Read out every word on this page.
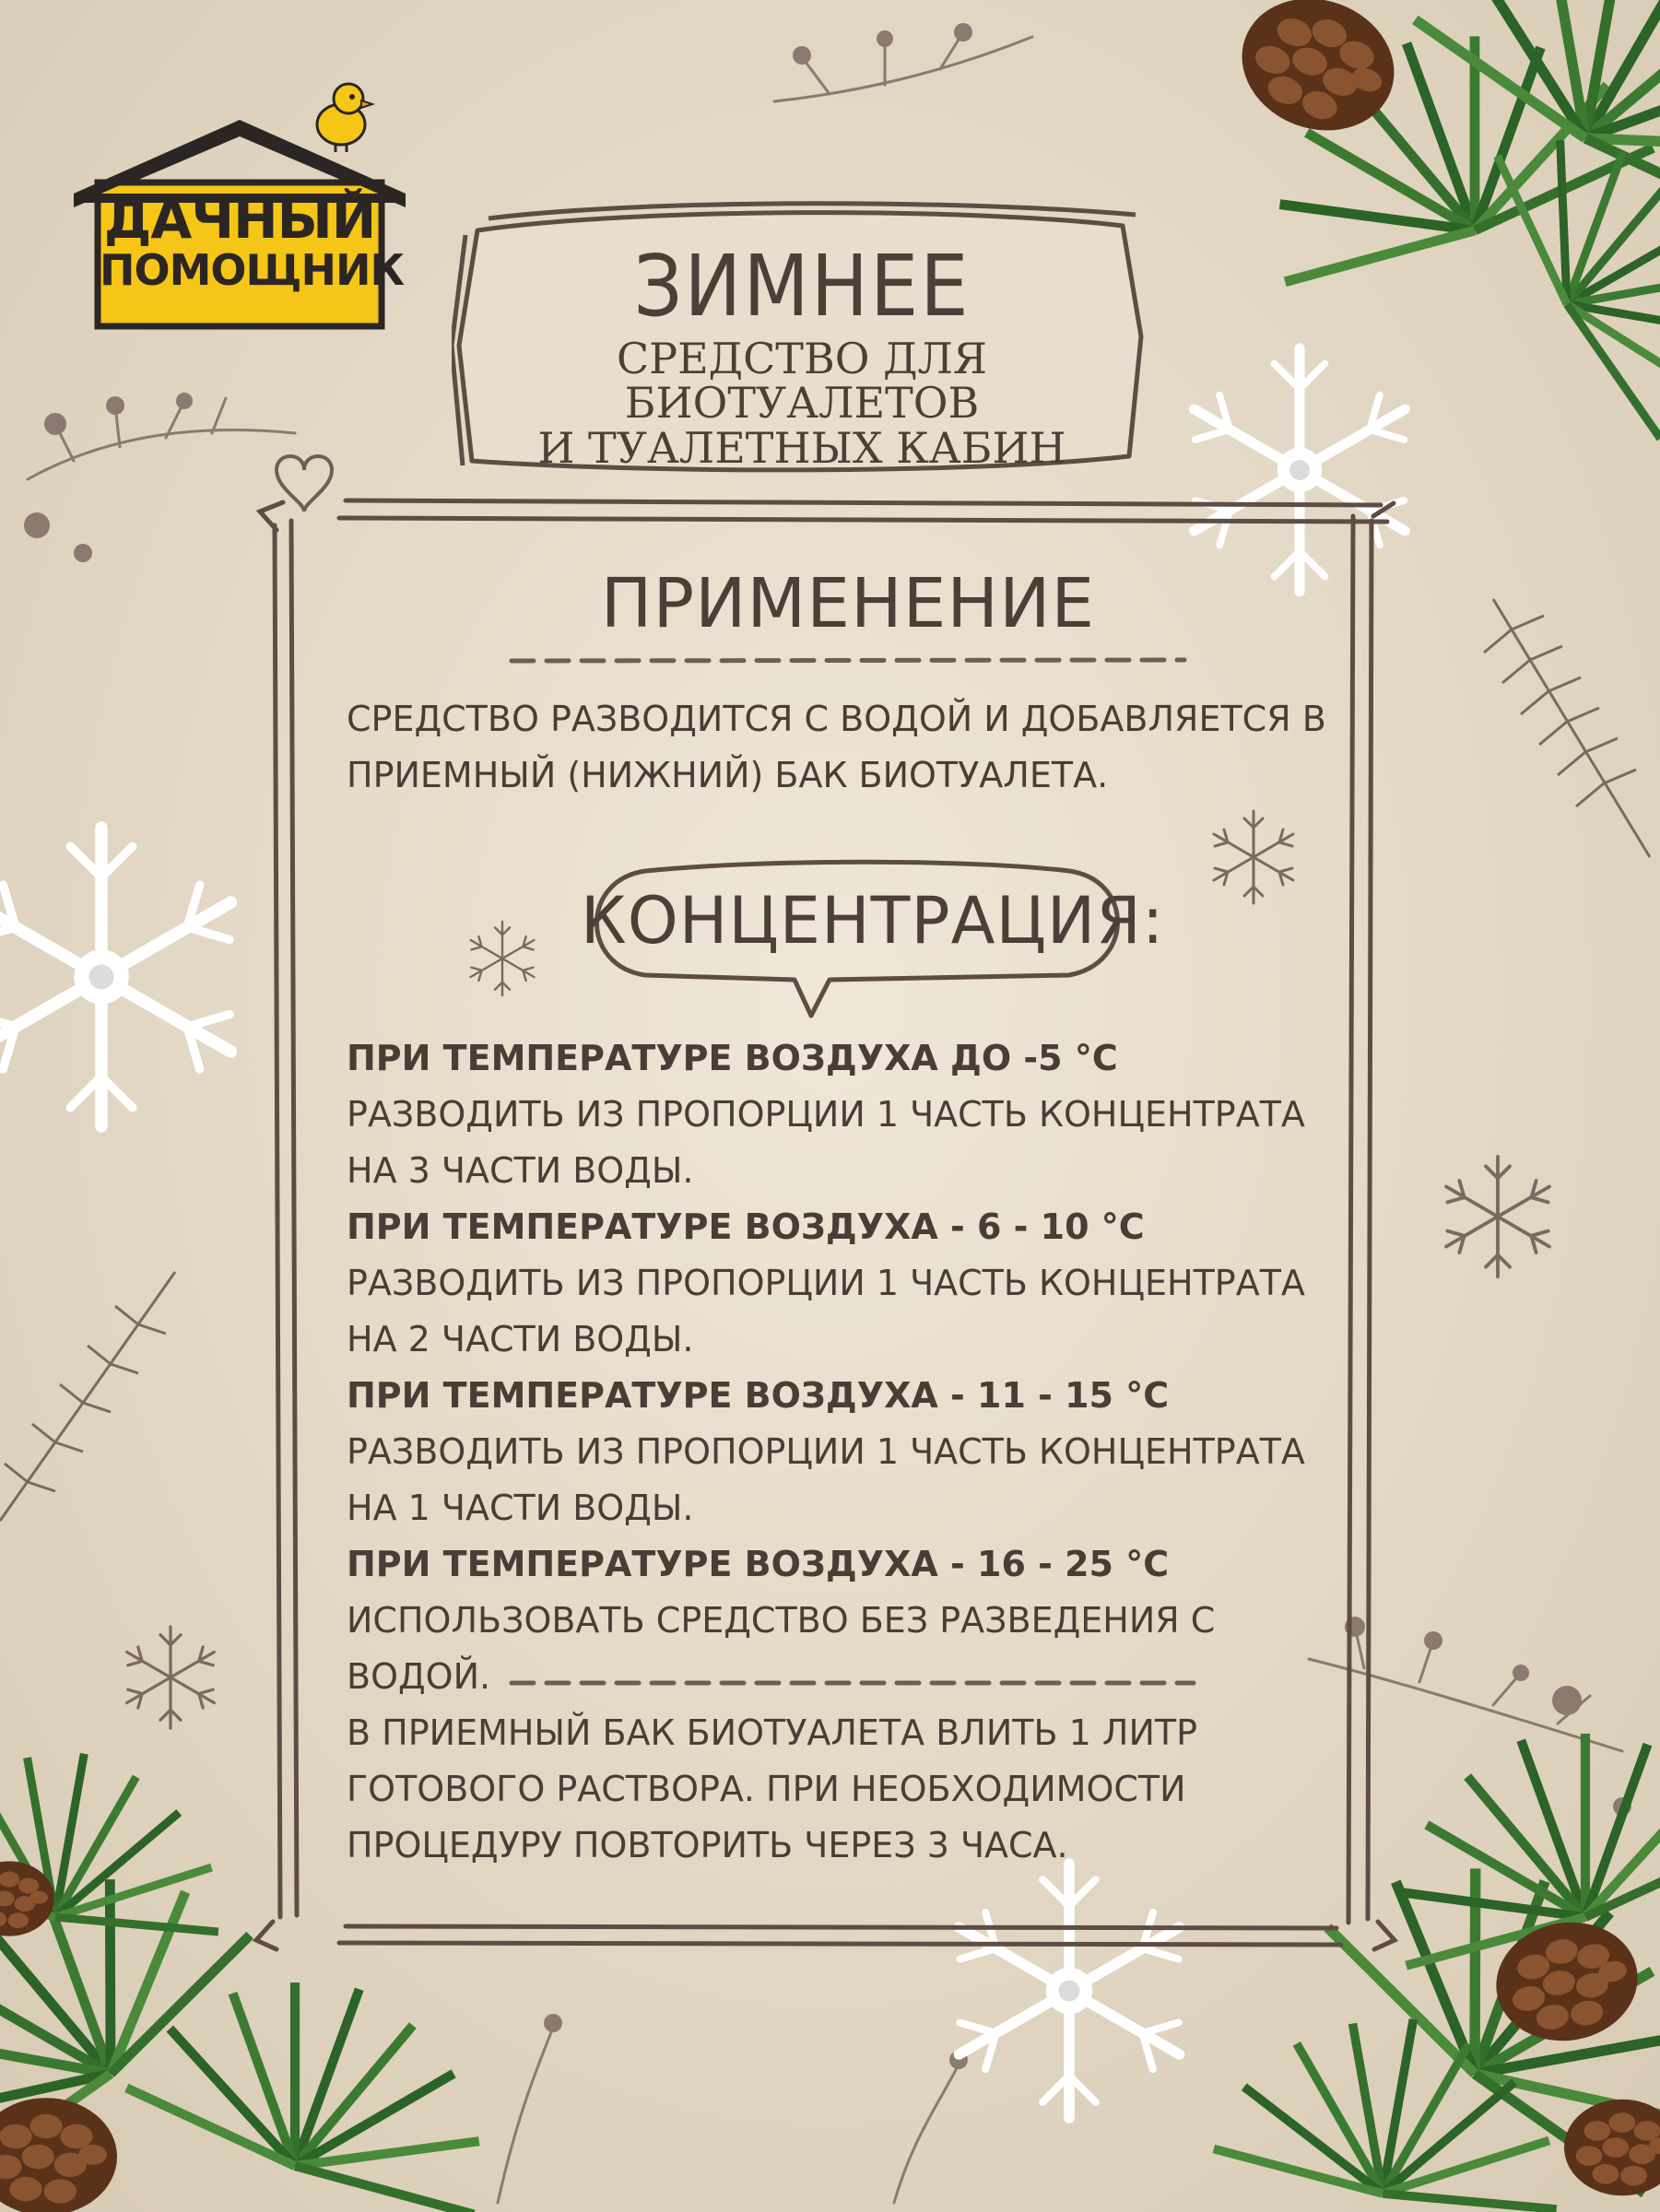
ДАЧНЫЙ
ПОМОЩНИК	ЗИМНЕЕ
СРЕДСТВО ДЛЯ БИОТУАЛЕТОВ
И ТУАЛЕТНЫХ КАБИН
ПРИМЕНЕНИЕ
СРЕДСТВО РАЗВОДИТСЯ С ВОДОЙ И ДОБАВЛЯЕТСЯ В ПРИЕМНЫЙ (НИЖНИЙ) БАК БИОТУАЛЕТА.
КОНЦЕНТРАЦИЯ:
ПРИ ТЕМПЕРАТУРЕ ВОЗДУХА ДО -5 °C
РАЗВОДИТЬ ИЗ ПРОПОРЦИИ 1 ЧАСТЬ КОНЦЕНТРАТА НА 3 ЧАСТИ ВОДЫ.
ПРИ ТЕМПЕРАТУРЕ ВОЗДУХА - 6 - 10 °C
РАЗВОДИТЬ ИЗ ПРОПОРЦИИ 1 ЧАСТЬ КОНЦЕНТРАТА НА 2 ЧАСТИ ВОДЫ.
ПРИ ТЕМПЕРАТУРЕ ВОЗДУХА - 11 - 15 °C
РАЗВОДИТЬ ИЗ ПРОПОРЦИИ 1 ЧАСТЬ КОНЦЕНТРАТА НА 1 ЧАСТИ ВОДЫ.
ПРИ ТЕМПЕРАТУРЕ ВОЗДУХА - 16 - 25 °C
ИСПОЛЬЗОВАТЬ СРЕДСТВО БЕЗ РАЗВЕДЕНИЯ С ВОДОЙ.
В ПРИЕМНЫЙ БАК БИОТУАЛЕТА ВЛИТЬ 1 ЛИТР ГОТОВОГО РАСТВОРА. ПРИ НЕОБХОДИМОСТИ ПРОЦЕДУРУ ПОВТОРИТЬ ЧЕРЕЗ 3 ЧАСА.
